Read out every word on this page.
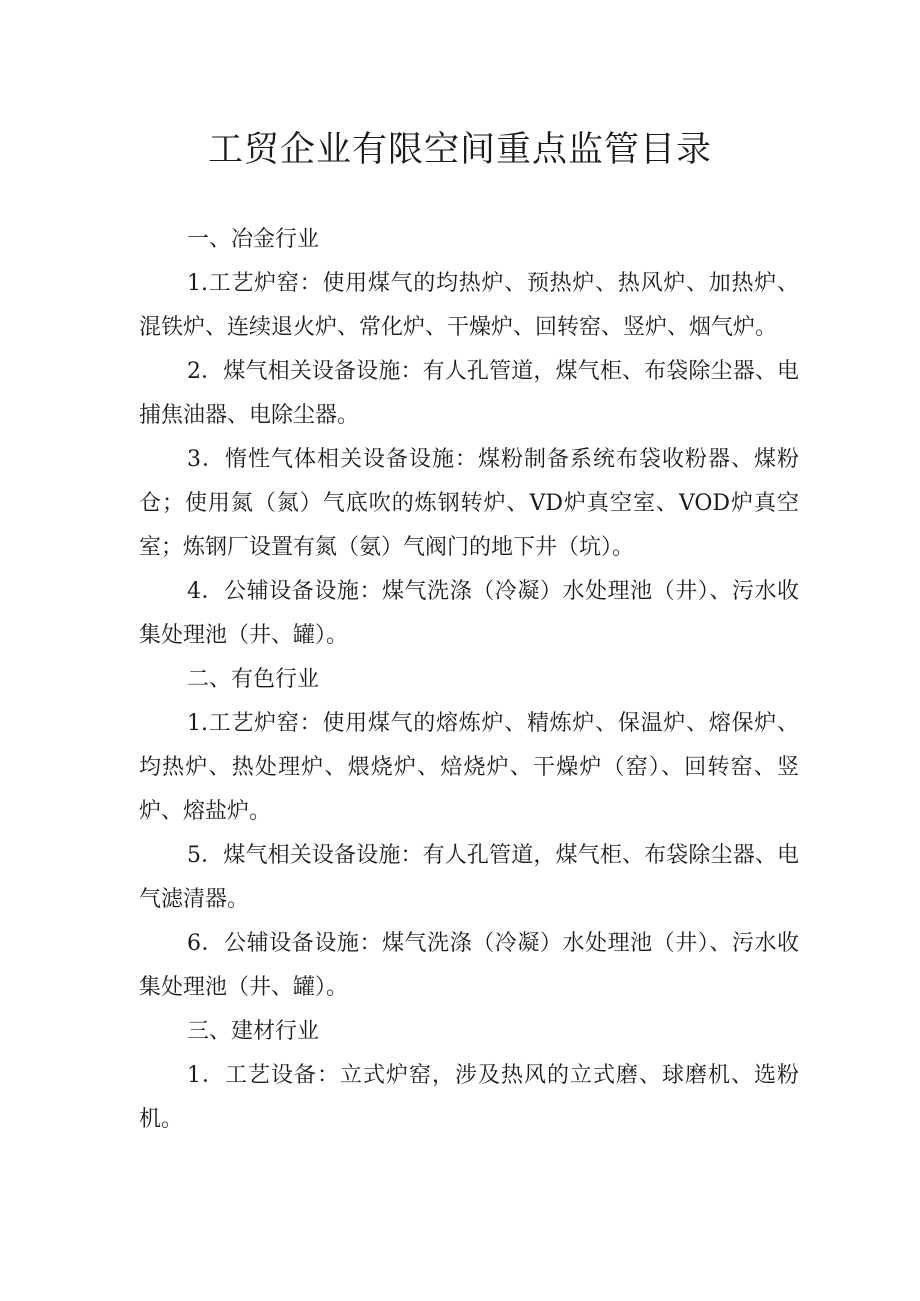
工贸企业有限空间重点监管目录

一、冶金行业

1.工艺炉窑：使用煤气的均热炉、预热炉、热风炉、加热炉、混铁炉、连续退火炉、常化炉、干燥炉、回转窑、竖炉、烟气炉。

2．煤气相关设备设施：有人孔管道，煤气柜、布袋除尘器、电捕焦油器、电除尘器。

3．惰性气体相关设备设施：煤粉制备系统布袋收粉器、煤粉仓；使用氮（氮）气底吹的炼钢转炉、VD炉真空室、VOD炉真空室；炼钢厂设置有氮（氨）气阀门的地下井（坑）。

4．公辅设备设施：煤气洗涤（冷凝）水处理池（井）、污水收集处理池（井、罐）。

二、有色行业

1.工艺炉窑：使用煤气的熔炼炉、精炼炉、保温炉、熔保炉、均热炉、热处理炉、煨烧炉、焙烧炉、干燥炉（窑）、回转窑、竖炉、熔盐炉。

5．煤气相关设备设施：有人孔管道，煤气柜、布袋除尘器、电气滤清器。

6．公辅设备设施：煤气洗涤（冷凝）水处理池（井）、污水收集处理池（井、罐）。

三、建材行业

1．工艺设备：立式炉窑，涉及热风的立式磨、球磨机、选粉机。
